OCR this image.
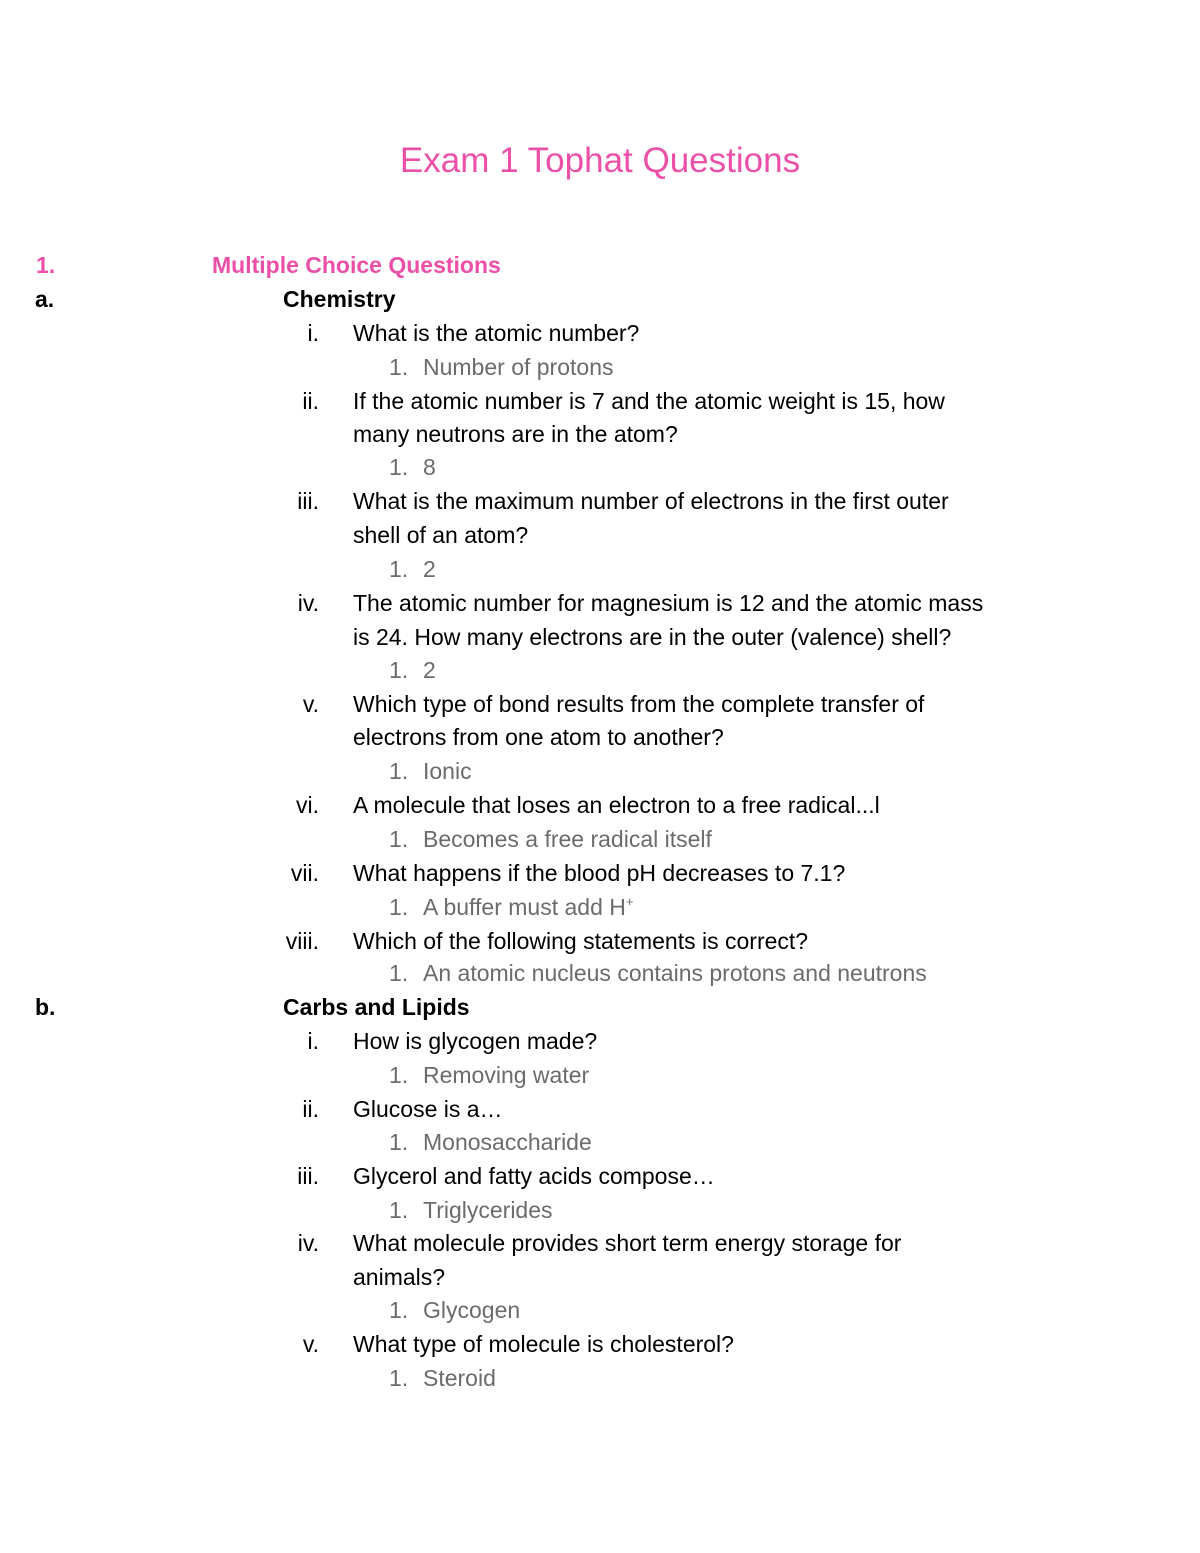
Exam 1 Tophat Questions
1.	Multiple Choice Questions
a.	Chemistry
i. What is the atomic number?
1. Number of protons
ii. If the atomic number is 7 and the atomic weight is 15, how
many neutrons are in the atom?
1. 8
iii. What is the maximum number of electrons in the first outer
shell of an atom?
1. 2
iv. The atomic number for magnesium is 12 and the atomic mass
is 24. How many electrons are in the outer (valence) shell?
1. 2
v. Which type of bond results from the complete transfer of
electrons from one atom to another?
1. Ionic
vi. A molecule that loses an electron to a free radical...l
1. Becomes a free radical itself
vii. What happens if the blood pH decreases to 7.1?
1. A buffer must add H+
viii. Which of the following statements is correct?
1. An atomic nucleus contains protons and neutrons
b.	Carbs and Lipids
i. How is glycogen made?
1. Removing water
ii. Glucose is a…
1. Monosaccharide
iii. Glycerol and fatty acids compose…
1. Triglycerides
iv. What molecule provides short term energy storage for
animals?
1. Glycogen
v. What type of molecule is cholesterol?
1. Steroid
